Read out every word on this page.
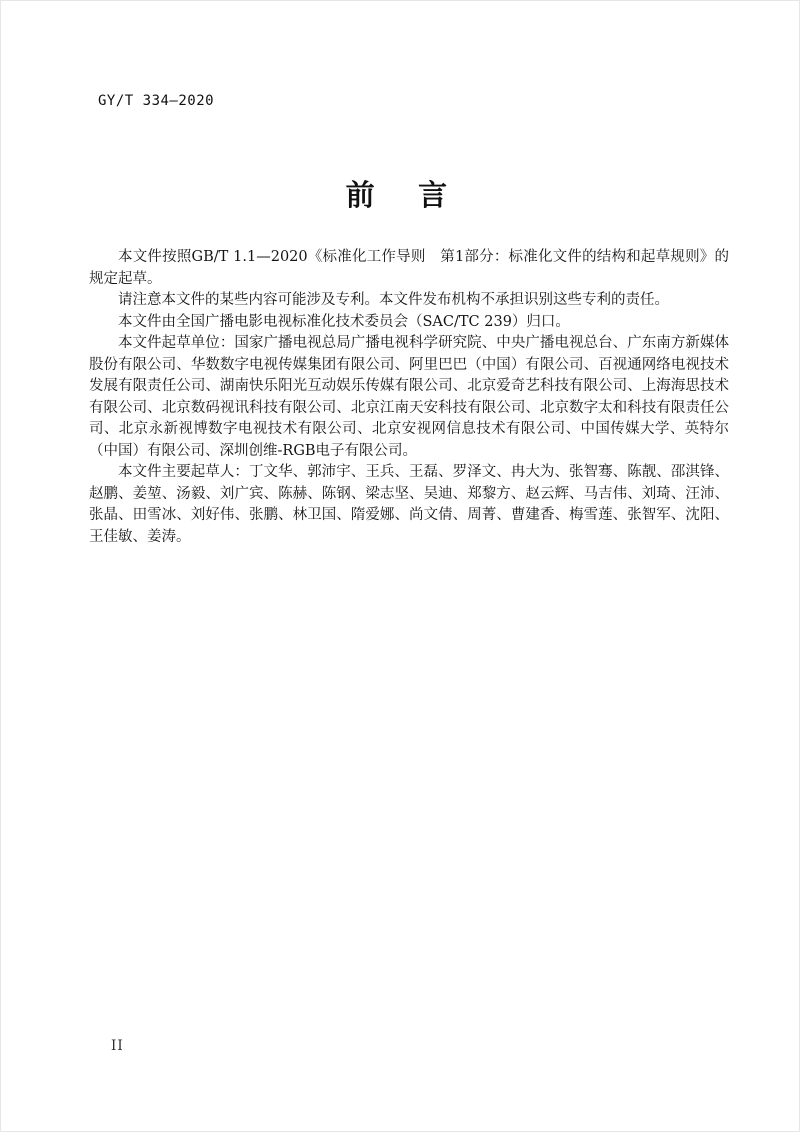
GY/T 334—2020
前　言

本文件按照GB/T 1.1—2020《标准化工作导则　第1部分：标准化文件的结构和起草规则》的规定起草。

请注意本文件的某些内容可能涉及专利。本文件发布机构不承担识别这些专利的责任。

本文件由全国广播电影电视标准化技术委员会（SAC/TC 239）归口。

本文件起草单位：国家广播电视总局广播电视科学研究院、中央广播电视总台、广东南方新媒体股份有限公司、华数数字电视传媒集团有限公司、阿里巴巴（中国）有限公司、百视通网络电视技术发展有限责任公司、湖南快乐阳光互动娱乐传媒有限公司、北京爱奇艺科技有限公司、上海海思技术有限公司、北京数码视讯科技有限公司、北京江南天安科技有限公司、北京数字太和科技有限责任公司、北京永新视博数字电视技术有限公司、北京安视网信息技术有限公司、中国传媒大学、英特尔（中国）有限公司、深圳创维-RGB电子有限公司。

本文件主要起草人：丁文华、郭沛宇、王兵、王磊、罗泽文、冉大为、张智骞、陈靓、邵淇锋、赵鹏、姜堃、汤毅、刘广宾、陈赫、陈钢、梁志坚、吴迪、郑黎方、赵云辉、马吉伟、刘琦、汪沛、张晶、田雪冰、刘好伟、张鹏、林卫国、隋爱娜、尚文倩、周菁、曹建香、梅雪莲、张智军、沈阳、王佳敏、姜涛。

II
